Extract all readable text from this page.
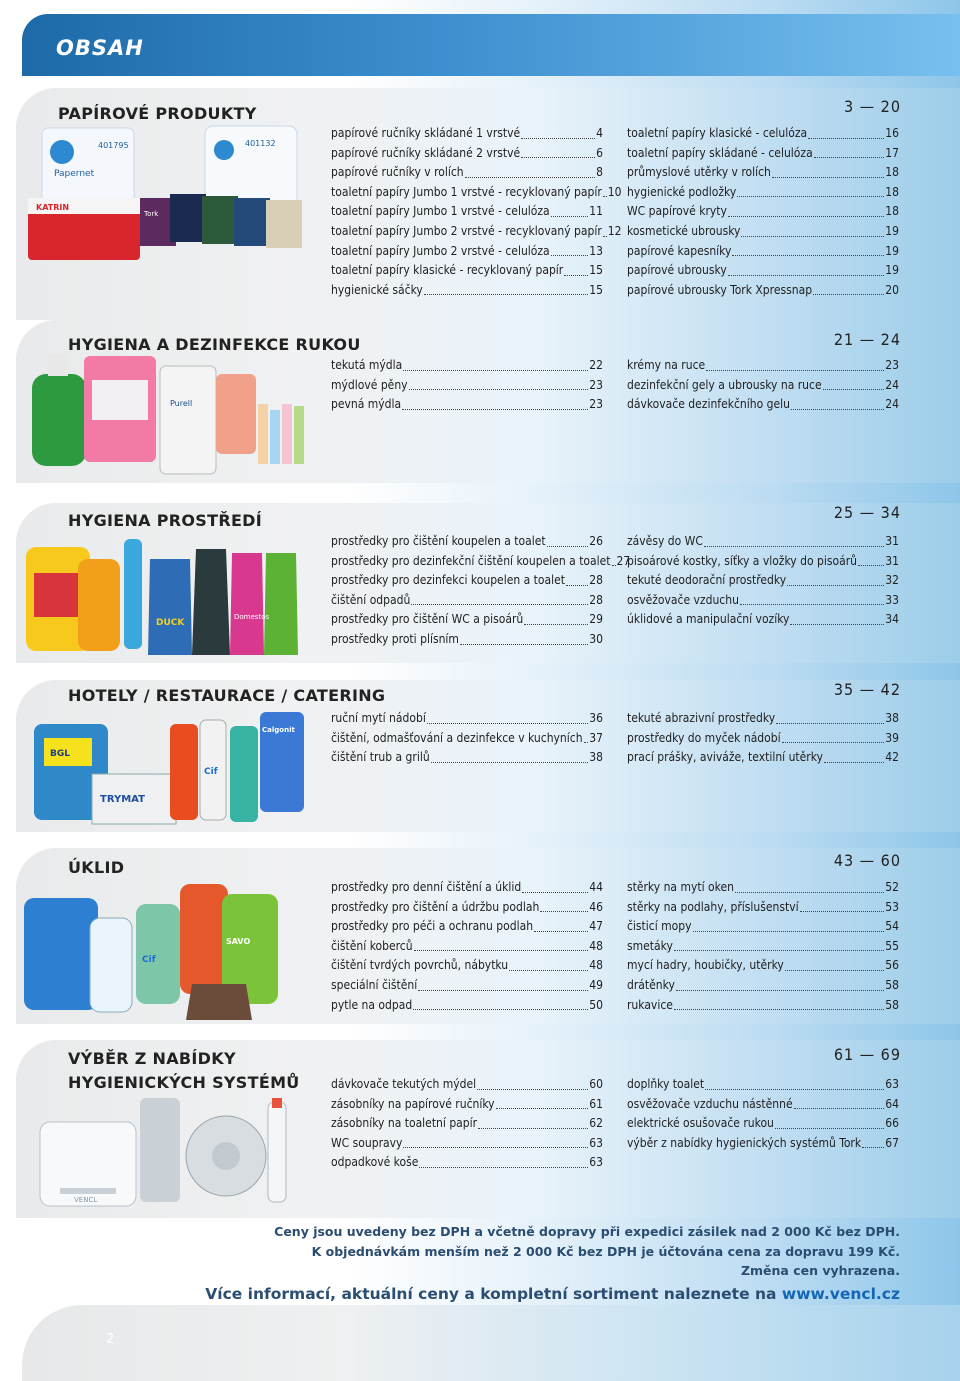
OBSAH
PAPÍROVÉ PRODUKTY	3 — 20
Papernet
401795	401132
KATRIN
Tork
papírové ručníky skládané 1 vrstvé	4
papírové ručníky skládané 2 vrstvé	6
papírové ručníky v rolích	8
toaletní papíry Jumbo 1 vrstvé - recyklovaný papír 10
toaletní papíry Jumbo 1 vrstvé - celulóza	11
toaletní papíry Jumbo 2 vrstvé - recyklovaný papír 12
toaletní papíry Jumbo 2 vrstvé - celulóza	13
toaletní papíry klasické - recyklovaný papír 15
hygienické sáčky	15
toaletní papíry klasické - celulóza	16
toaletní papíry skládané - celulóza	17
průmyslové utěrky v rolích	18
hygienické podložky	18
WC papírové kryty	18
kosmetické ubrousky	19
papírové kapesníky	19
papírové ubrousky	19
papírové ubrousky Tork Xpressnap	20
HYGIENA A DEZINFEKCE RUKOU	21 — 24
Purell
tekutá mýdla	22
mýdlové pěny	23
pevná mýdla	23
krémy na ruce	23
dezinfekční gely a ubrousky na ruce	24
dávkovače dezinfekčního gelu	24
HYGIENA PROSTŘEDÍ	25 — 34
DUCK
Domestos
prostředky pro čištění koupelen a toalet	26
prostředky pro dezinfekční čištění koupelen a toalet 27
prostředky pro dezinfekci koupelen a toalet 28
čištění odpadů	28
prostředky pro čištění WC a pisoárů	29
prostředky proti plísním	30
závěsy do WC	31
pisoárové kostky, síťky a vložky do pisoárů 31
tekuté deodorační prostředky	32
osvěžovače vzduchu	33
úklidové a manipulační vozíky	34
HOTELY / RESTAURACE / CATERING	35 — 42
BGL
TRYMAT
Cif
Calgonit
ruční mytí nádobí	36
čištění, odmašťování a dezinfekce v kuchyních 37
čištění trub a grilů	38
tekuté abrazivní prostředky	38
prostředky do myček nádobí	39
prací prášky, aviváže, textilní utěrky	42
ÚKLID	43 — 60
Cif
SAVO
prostředky pro denní čištění a úklid	44
prostředky pro čištění a údržbu podlah	46
prostředky pro péči a ochranu podlah	47
čištění koberců	48
čištění tvrdých povrchů, nábytku	48
speciální čištění	49
pytle na odpad	50
stěrky na mytí oken	52
stěrky na podlahy, příslušenství	53
čisticí mopy	54
smetáky	55
mycí hadry, houbičky, utěrky	56
drátěnky	58
rukavice	58
VÝBĚR Z NABÍDKY
HYGIENICKÝCH SYSTÉMŮ
61 — 69
VENCL
dávkovače tekutých mýdel	60
zásobníky na papírové ručníky	61
zásobníky na toaletní papír	62
WC soupravy	63
odpadkové koše	63
doplňky toalet	63
osvěžovače vzduchu nástěnné	64
elektrické osušovače rukou	66
výběr z nabídky hygienických systémů Tork 67
Ceny jsou uvedeny bez DPH a včetně dopravy při expedici zásilek nad 2 000 Kč bez DPH.
K objednávkám menším než 2 000 Kč bez DPH je účtována cena za dopravu 199 Kč.
Změna cen vyhrazena.
Více informací, aktuální ceny a kompletní sortiment naleznete na www.vencl.cz
2
